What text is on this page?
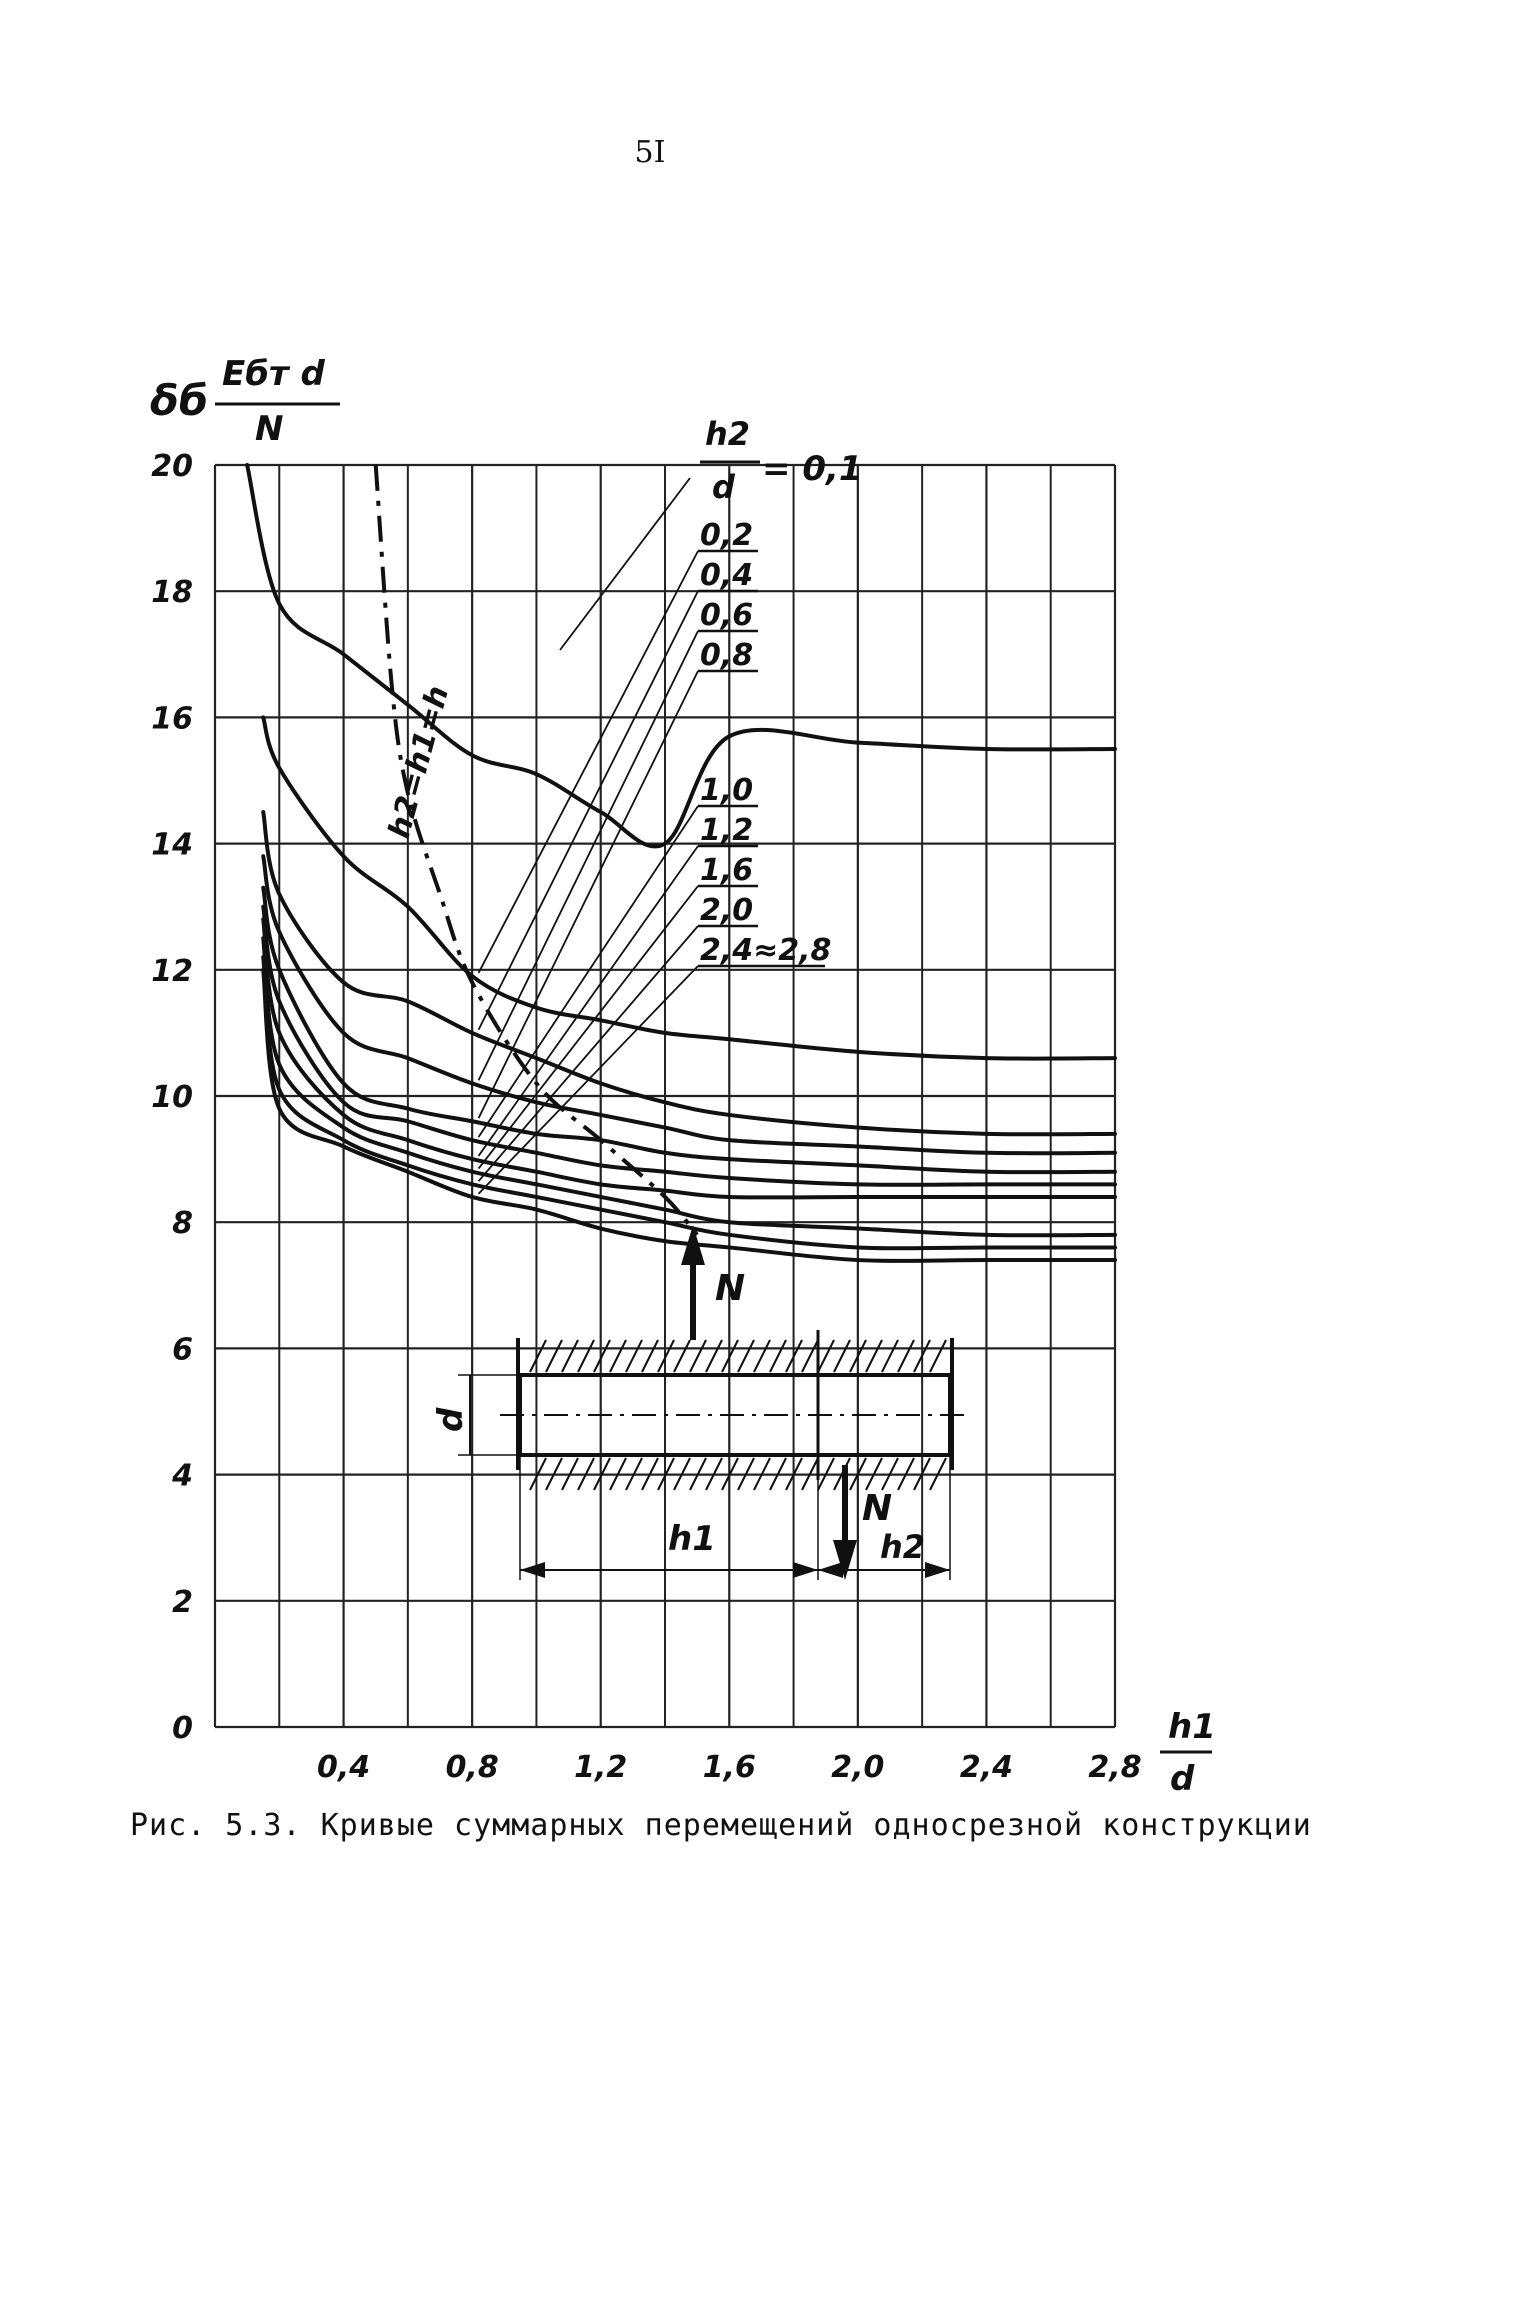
5I
0
2
4
6
8
10
12
14
16
18
20
0,4	0,8	1,2	1,6	2,0	2,4	2,8
0,2
0,4
0,6
0,8
1,0
1,2
1,6
2,0
2,4≈2,8
δб
Eбт d
N
h1
d
h2
d = 0,1
h2=h1=h
N
N
d
h1	h2
Рис. 5.3. Кривые суммарных перемещений односрезной конструкции
